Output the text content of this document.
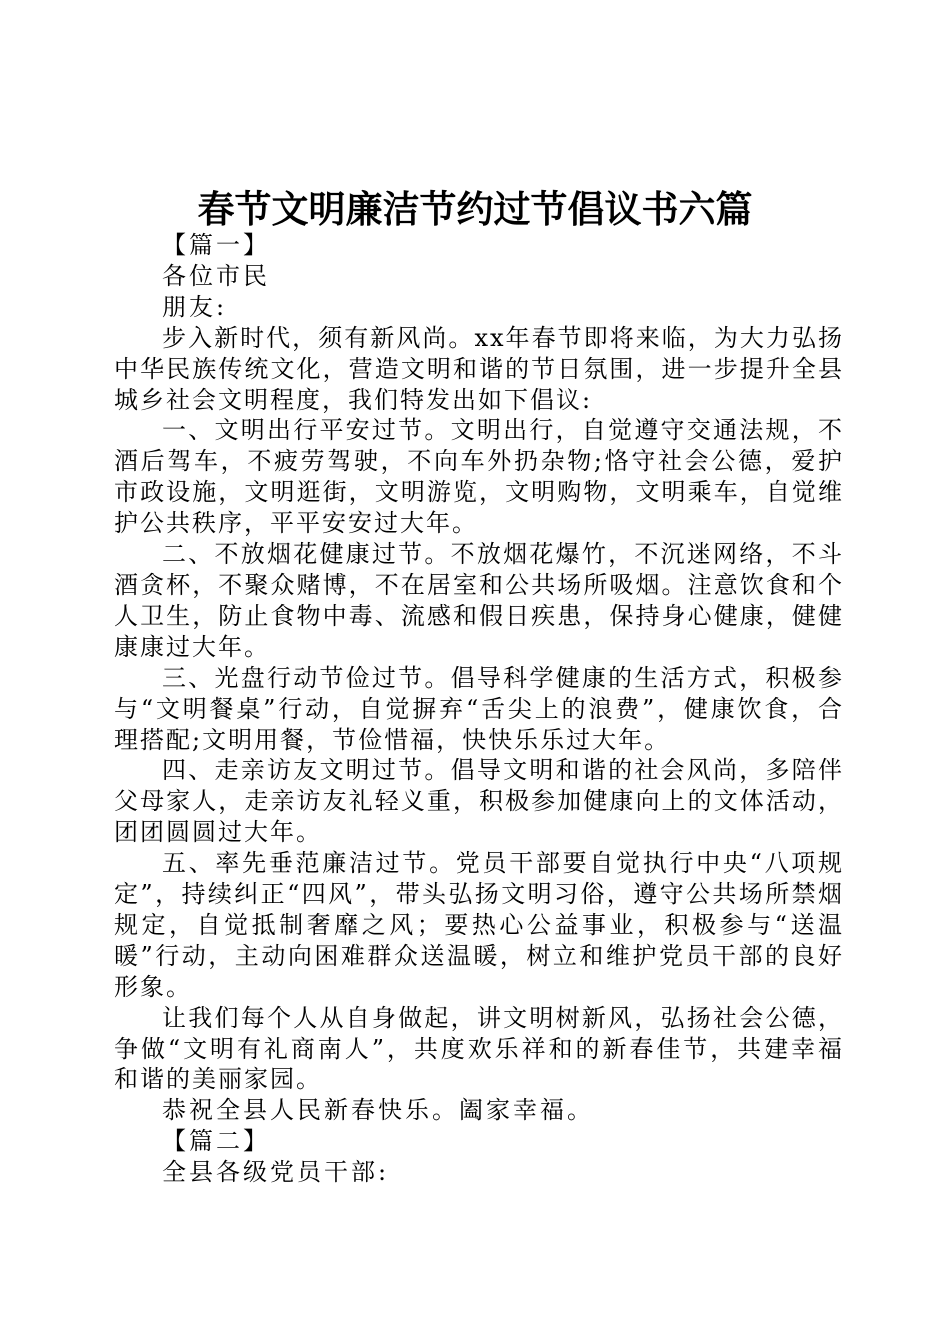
春节文明廉洁节约过节倡议书六篇

【篇一】

各位市民

朋友:

步入新时代，须有新风尚。xx年春节即将来临，为大力弘扬中华民族传统文化，营造文明和谐的节日氛围，进一步提升全县城乡社会文明程度，我们特发出如下倡议:

一、文明出行平安过节。文明出行，自觉遵守交通法规，不酒后驾车，不疲劳驾驶，不向车外扔杂物;恪守社会公德，爱护市政设施，文明逛街，文明游览，文明购物，文明乘车，自觉维护公共秩序，平平安安过大年。

二、不放烟花健康过节。不放烟花爆竹，不沉迷网络，不斗酒贪杯，不聚众赌博，不在居室和公共场所吸烟。注意饮食和个人卫生，防止食物中毒、流感和假日疾患，保持身心健康，健健康康过大年。

三、光盘行动节俭过节。倡导科学健康的生活方式，积极参与“文明餐桌”行动，自觉摒弃“舌尖上的浪费”，健康饮食，合理搭配;文明用餐，节俭惜福，快快乐乐过大年。

四、走亲访友文明过节。倡导文明和谐的社会风尚，多陪伴父母家人，走亲访友礼轻义重，积极参加健康向上的文体活动，团团圆圆过大年。

五、率先垂范廉洁过节。党员干部要自觉执行中央“八项规定”，持续纠正“四风”，带头弘扬文明习俗，遵守公共场所禁烟规定，自觉抵制奢靡之风；要热心公益事业，积极参与“送温暖”行动，主动向困难群众送温暖，树立和维护党员干部的良好形象。

让我们每个人从自身做起，讲文明树新风，弘扬社会公德，争做“文明有礼商南人”，共度欢乐祥和的新春佳节，共建幸福和谐的美丽家园。

恭祝全县人民新春快乐。阖家幸福。

【篇二】

全县各级党员干部:
